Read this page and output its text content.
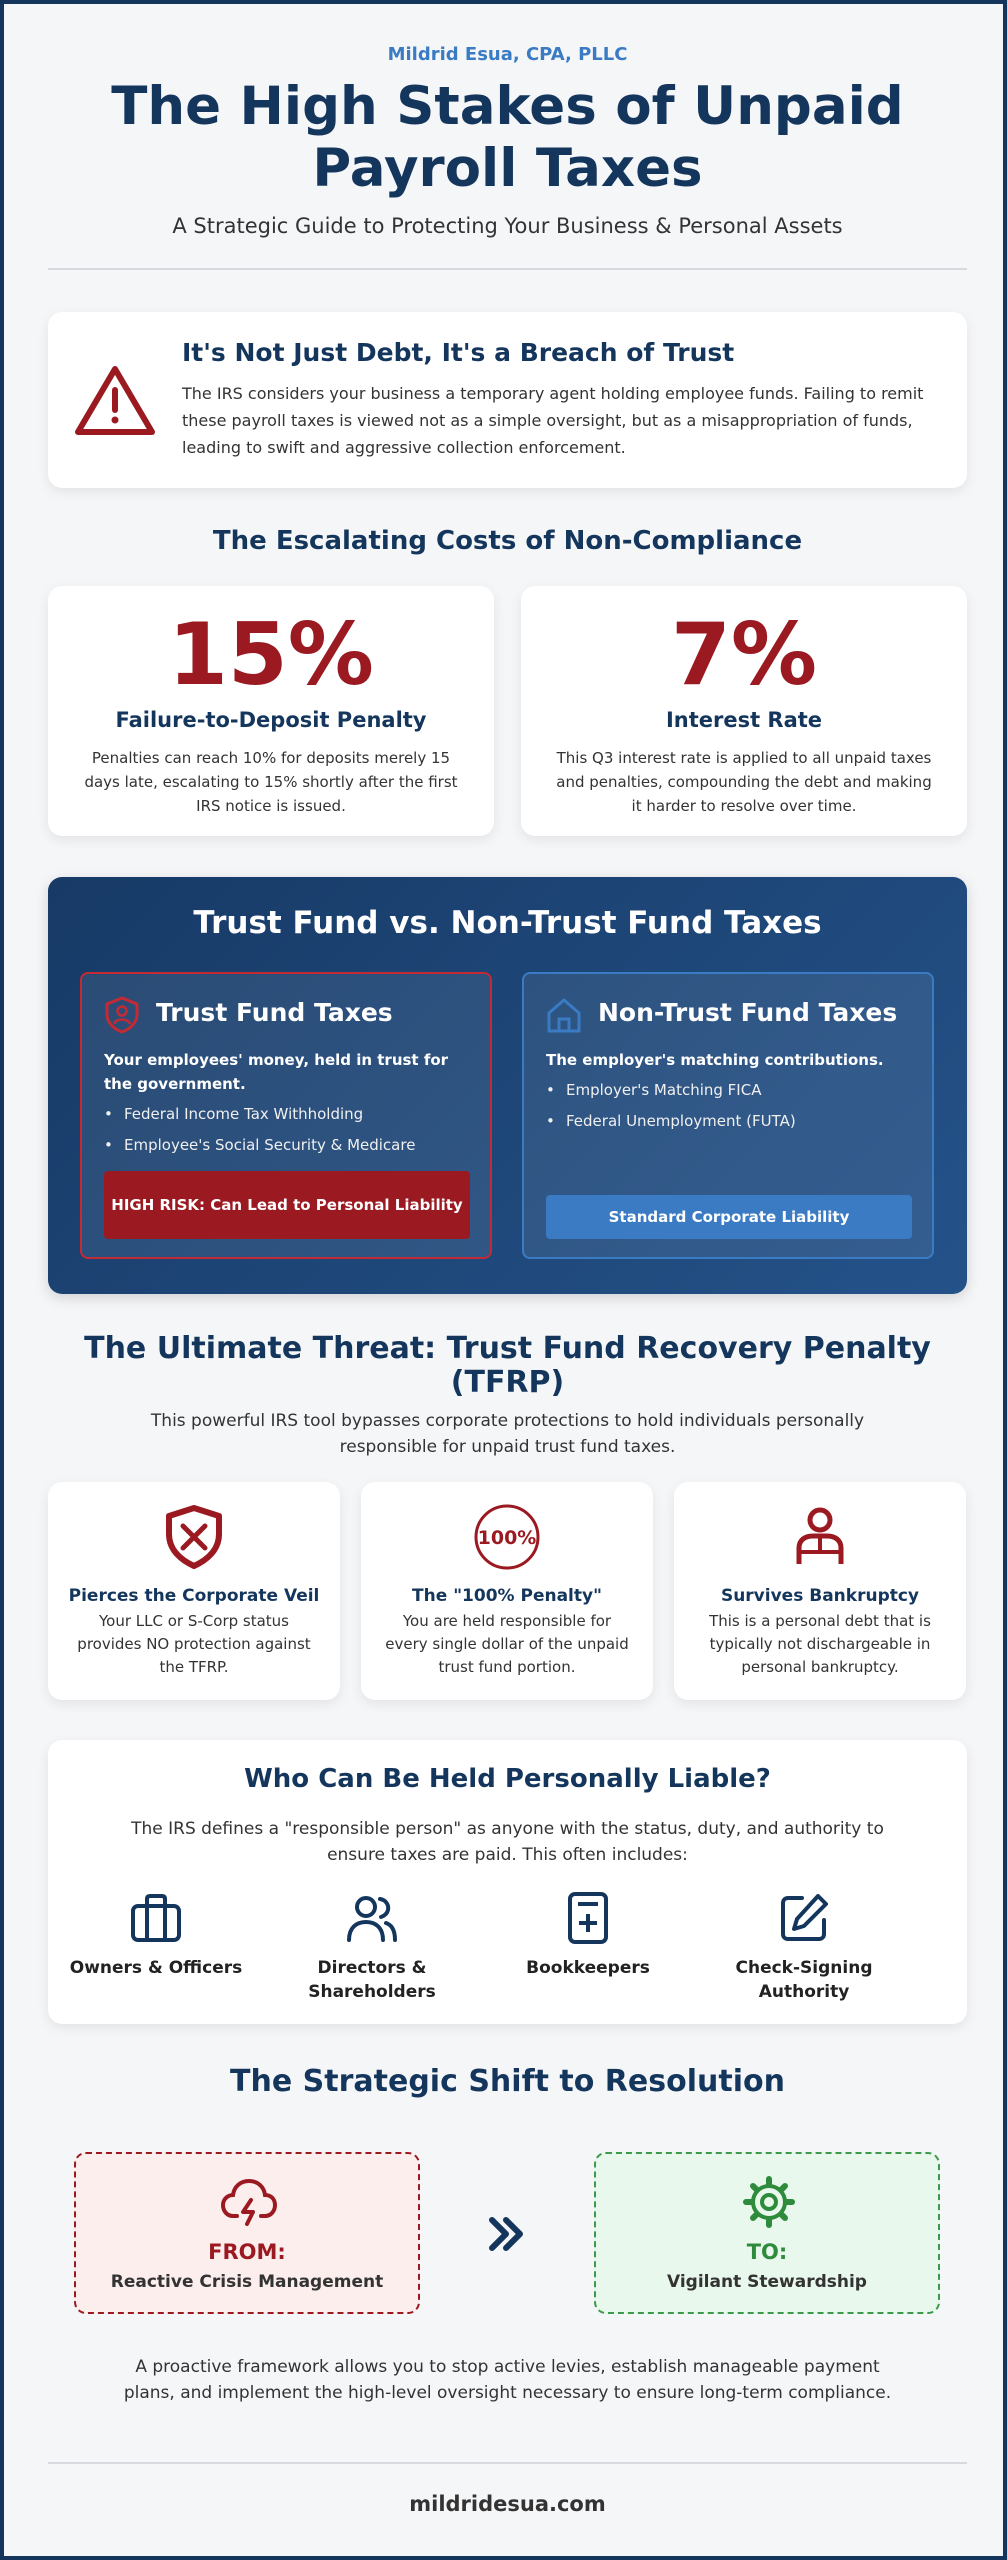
Mildrid Esua, CPA, PLLC
The High Stakes of Unpaid
Payroll Taxes
A Strategic Guide to Protecting Your Business & Personal Assets
It's Not Just Debt, It's a Breach of Trust
The IRS considers your business a temporary agent holding employee funds. Failing to remit these payroll taxes is viewed not as a simple oversight, but as a misappropriation of funds, leading to swift and aggressive collection enforcement.
The Escalating Costs of Non-Compliance
15%
Failure-to-Deposit Penalty
Penalties can reach 10% for deposits merely 15 days late, escalating to 15% shortly after the first IRS notice is issued.
7%
Interest Rate
This Q3 interest rate is applied to all unpaid taxes and penalties, compounding the debt and making it harder to resolve over time.
Trust Fund vs. Non-Trust Fund Taxes
Trust Fund Taxes
Your employees' money, held in trust for the government.
• Federal Income Tax Withholding
• Employee's Social Security & Medicare
HIGH RISK: Can Lead to Personal Liability
Non-Trust Fund Taxes
The employer's matching contributions.
• Employer's Matching FICA
• Federal Unemployment (FUTA)
Standard Corporate Liability
The Ultimate Threat: Trust Fund Recovery Penalty
(TFRP)
This powerful IRS tool bypasses corporate protections to hold individuals personally responsible for unpaid trust fund taxes.
Pierces the Corporate Veil
Your LLC or S-Corp status provides NO protection against the TFRP.
100%
The "100% Penalty"
You are held responsible for every single dollar of the unpaid trust fund portion.
Survives Bankruptcy
This is a personal debt that is typically not dischargeable in personal bankruptcy.
Who Can Be Held Personally Liable?
The IRS defines a "responsible person" as anyone with the status, duty, and authority to ensure taxes are paid. This often includes:
Owners & Officers	Directors & Shareholders
Bookkeepers	Check-Signing Authority
The Strategic Shift to Resolution
FROM:
Reactive Crisis Management
TO:
Vigilant Stewardship
A proactive framework allows you to stop active levies, establish manageable payment plans, and implement the high-level oversight necessary to ensure long-term compliance.
mildridesua.com
